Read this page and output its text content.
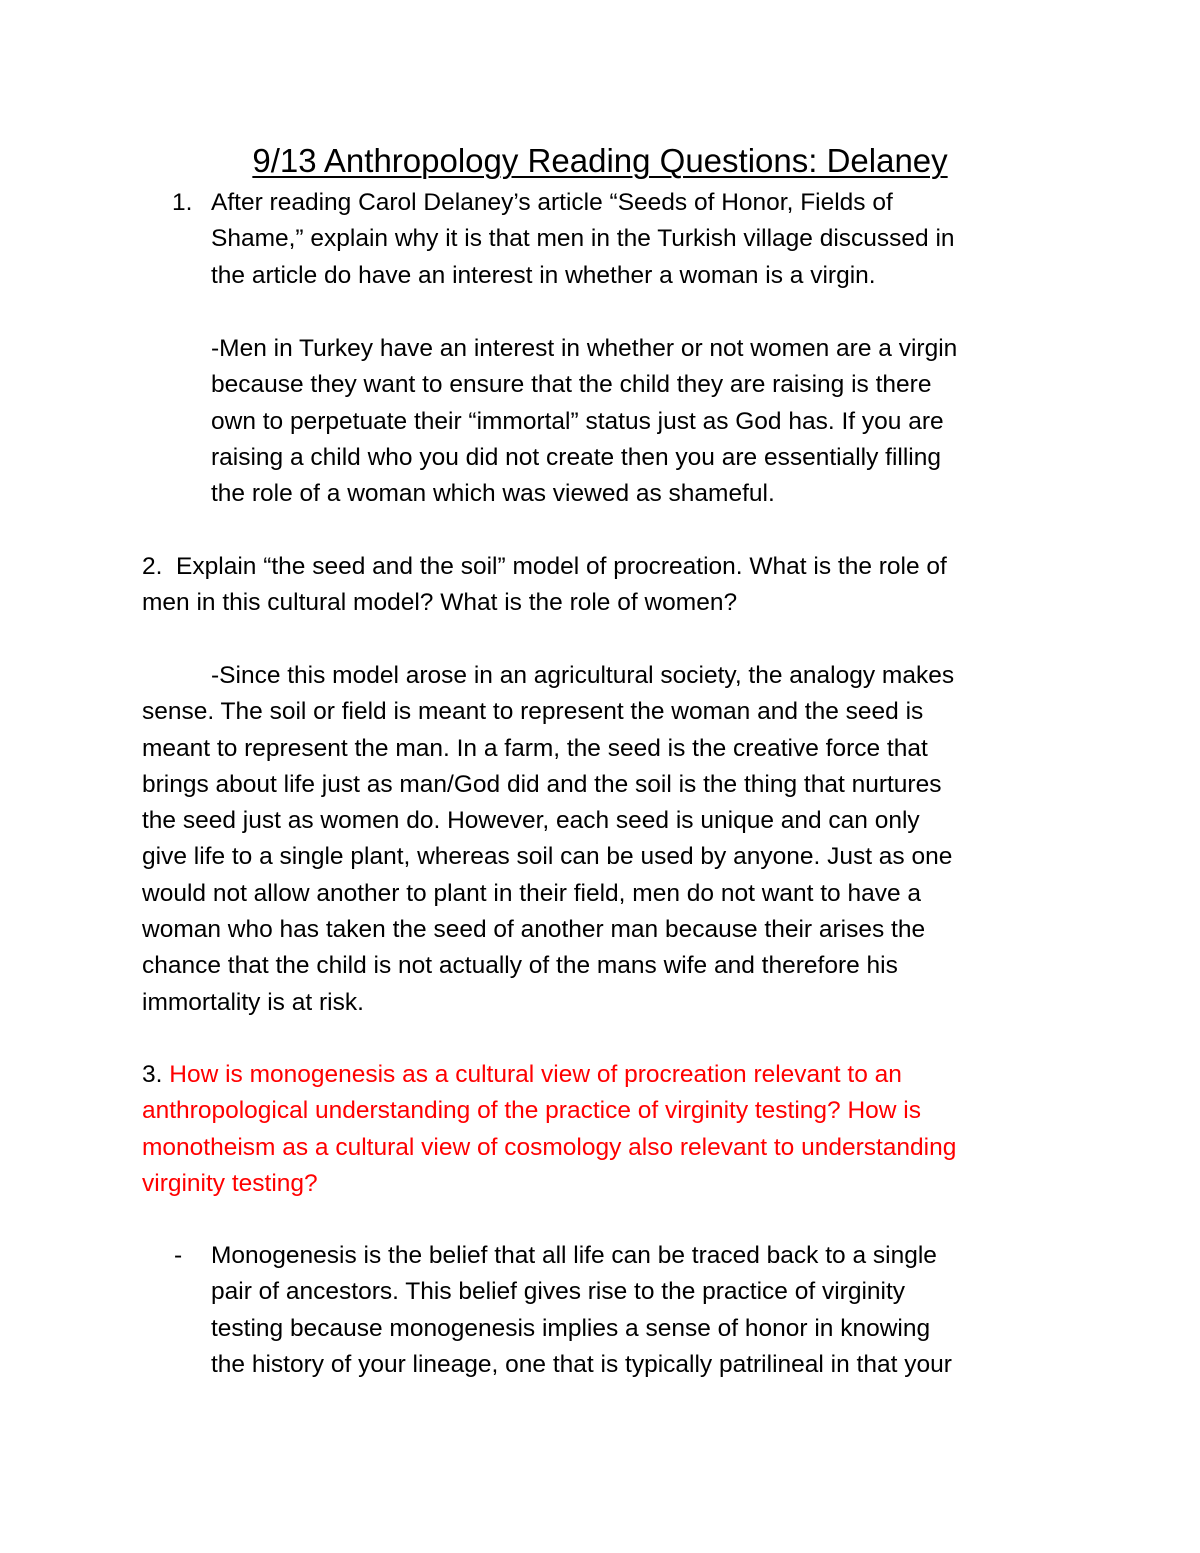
9/13 Anthropology Reading Questions: Delaney
1. After reading Carol Delaney’s article “Seeds of Honor, Fields of
Shame,” explain why it is that men in the Turkish village discussed in
the article do have an interest in whether a woman is a virgin.
-Men in Turkey have an interest in whether or not women are a virgin
because they want to ensure that the child they are raising is there
own to perpetuate their “immortal” status just as God has. If you are
raising a child who you did not create then you are essentially filling
the role of a woman which was viewed as shameful.
2.  Explain “the seed and the soil” model of procreation. What is the role of
men in this cultural model? What is the role of women?
-Since this model arose in an agricultural society, the analogy makes
sense. The soil or field is meant to represent the woman and the seed is
meant to represent the man. In a farm, the seed is the creative force that
brings about life just as man/God did and the soil is the thing that nurtures
the seed just as women do. However, each seed is unique and can only
give life to a single plant, whereas soil can be used by anyone. Just as one
would not allow another to plant in their field, men do not want to have a
woman who has taken the seed of another man because their arises the
chance that the child is not actually of the mans wife and therefore his
immortality is at risk.
3. How is monogenesis as a cultural view of procreation relevant to an
anthropological understanding of the practice of virginity testing? How is
monotheism as a cultural view of cosmology also relevant to understanding
virginity testing?
- Monogenesis is the belief that all life can be traced back to a single
pair of ancestors. This belief gives rise to the practice of virginity
testing because monogenesis implies a sense of honor in knowing
the history of your lineage, one that is typically patrilineal in that your
